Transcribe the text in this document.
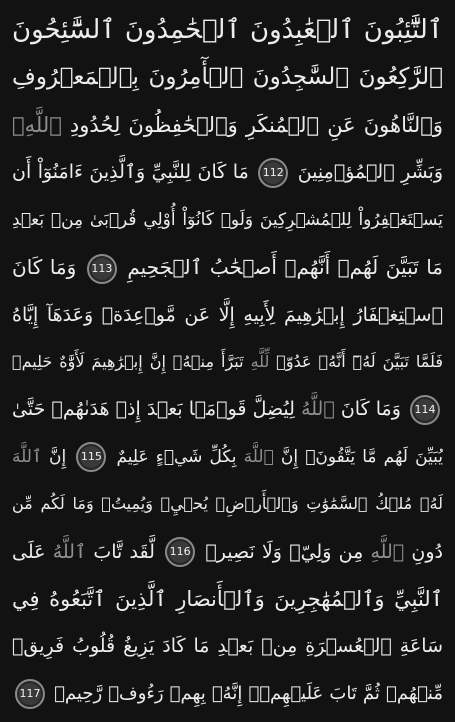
ٱلتَّٰٓئِبُونَ ٱلۡعَٰبِدُونَ ٱلۡحَٰمِدُونَ ٱلسَّٰٓئِحُونَ
ٱلرَّٰكِعُونَ ٱلسَّٰجِدُونَ ٱلۡأٓمِرُونَ بِٱلۡمَعۡرُوفِ
وَٱلنَّاهُونَ عَنِ ٱلۡمُنكَرِ وَٱلۡحَٰفِظُونَ لِحُدُودِ ٱللَّهِۗ
وَبَشِّرِ ٱلۡمُؤۡمِنِينَ 112 مَا كَانَ لِلنَّبِيِّ وَٱلَّذِينَ ءَامَنُوٓاْ أَن
يَسۡتَغۡفِرُواْ لِلۡمُشۡرِكِينَ وَلَوۡ كَانُوٓاْ أُوْلِي قُرۡبَىٰ مِنۢ بَعۡدِ
مَا تَبَيَّنَ لَهُمۡ أَنَّهُمۡ أَصۡحَٰبُ ٱلۡجَحِيمِ 113 وَمَا كَانَ
ٱسۡتِغۡفَارُ إِبۡرَٰهِيمَ لِأَبِيهِ إِلَّا عَن مَّوۡعِدَةٖ وَعَدَهَآ إِيَّاهُ
فَلَمَّا تَبَيَّنَ لَهُۥٓ أَنَّهُۥ عَدُوّٞ لِّلَّهِ تَبَرَّأَ مِنۡهُۚ إِنَّ إِبۡرَٰهِيمَ لَأَوَّٰهٌ حَلِيمٞ
114 وَمَا كَانَ ٱللَّهُ لِيُضِلَّ قَوۡمَۢا بَعۡدَ إِذۡ هَدَىٰهُمۡ حَتَّىٰ
يُبَيِّنَ لَهُم مَّا يَتَّقُونَۚ إِنَّ ٱللَّهَ بِكُلِّ شَيۡءٍ عَلِيمٌ 115 إِنَّ ٱللَّهَ
لَهُۥ مُلۡكُ ٱلسَّمَٰوَٰتِ وَٱلۡأَرۡضِۖ يُحۡيِۦ وَيُمِيتُۚ وَمَا لَكُم مِّن
دُونِ ٱللَّهِ مِن وَلِيّٖ وَلَا نَصِيرٖ 116 لَّقَد تَّابَ ٱللَّهُ عَلَى
ٱلنَّبِيِّ وَٱلۡمُهَٰجِرِينَ وَٱلۡأَنصَارِ ٱلَّذِينَ ٱتَّبَعُوهُ فِي
سَاعَةِ ٱلۡعُسۡرَةِ مِنۢ بَعۡدِ مَا كَادَ يَزِيغُ قُلُوبُ فَرِيقٖ
مِّنۡهُمۡ ثُمَّ تَابَ عَلَيۡهِمۡۚ إِنَّهُۥ بِهِمۡ رَءُوفٞ رَّحِيمٞ 117
